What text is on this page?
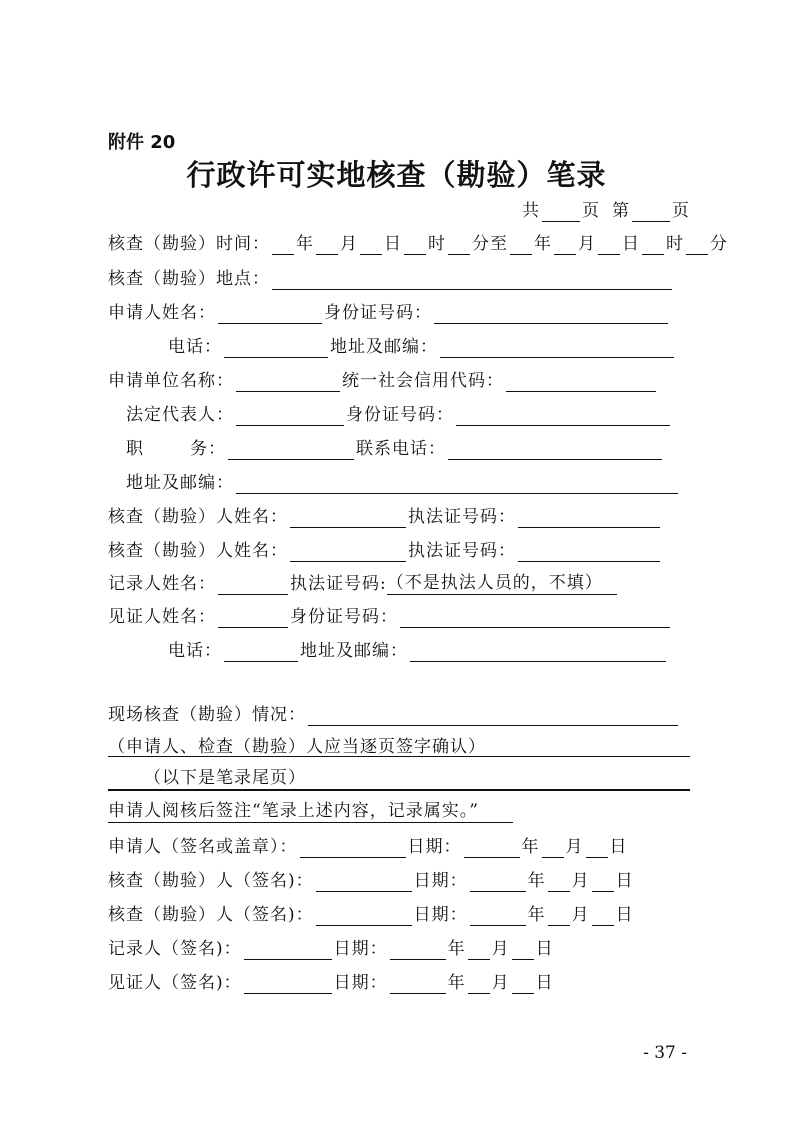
附件 20
行政许可实地核查（勘验）笔录
共 页 第 页
核查（勘验）时间： 年 月 日 时 分至 年 月 日 时 分
核查（勘验）地点：
申请人姓名：	身份证号码：
电话：	地址及邮编：
申请单位名称：	统一社会信用代码：
法定代表人：	身份证号码：
职	务：	联系电话：
地址及邮编：
核查（勘验）人姓名：	执法证号码：
核查（勘验）人姓名：	执法证号码：
记录人姓名：	执法证号码: （不是执法人员的，不填）
见证人姓名：	身份证号码：
电话：	地址及邮编：
现场核查（勘验）情况：
（申请人、检查（勘验）人应当逐页签字确认）
（以下是笔录尾页）
申请人阅核后签注“笔录上述内容，记录属实。”
申请人（签名或盖章）：	日期：	年 月 日
核查（勘验）人（签名)：	日期：	年 月 日
核查（勘验）人（签名)：	日期：	年 月 日
记录人（签名)：	日期：	年 月 日
见证人（签名)：	日期：	年 月 日
- 37 -
